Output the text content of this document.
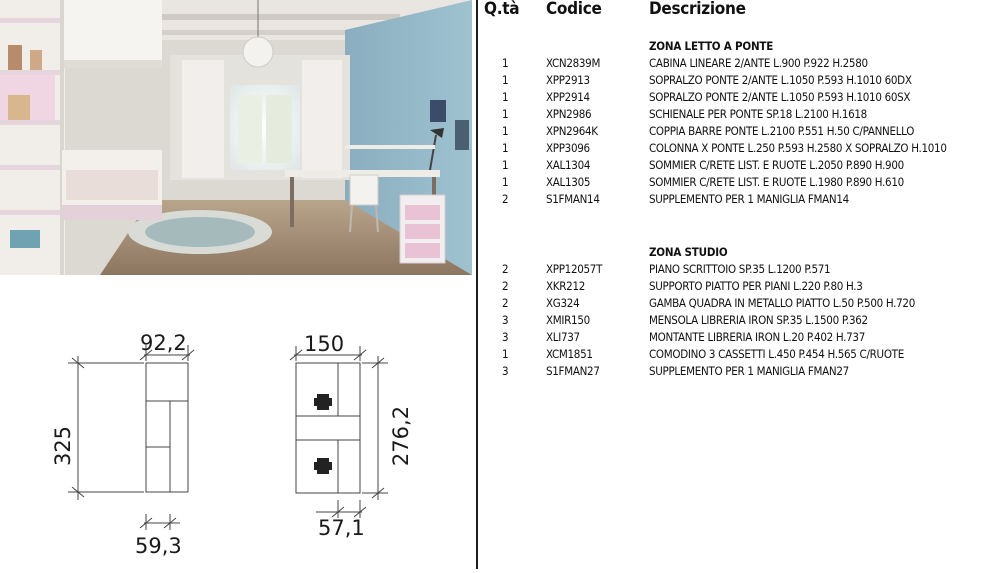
92,2
325
59,3
150
276,2
57,1
Q.tà Codice	Descrizione
ZONA LETTO A PONTE
1	XCN2839M	CABINA LINEARE 2/ANTE L.900 P.922 H.2580
1	XPP2913	SOPRALZO PONTE 2/ANTE L.1050 P.593 H.1010 60DX
1	XPP2914	SOPRALZO PONTE 2/ANTE L.1050 P.593 H.1010 60SX
1	XPN2986	SCHIENALE PER PONTE SP.18 L.2100 H.1618
1	XPN2964K	COPPIA BARRE PONTE L.2100 P.551 H.50 C/PANNELLO
1	XPP3096	COLONNA X PONTE L.250 P.593 H.2580 X SOPRALZO H.1010
1	XAL1304	SOMMIER C/RETE LIST. E RUOTE L.2050 P.890 H.900
1	XAL1305	SOMMIER C/RETE LIST. E RUOTE L.1980 P.890 H.610
2	S1FMAN14	SUPPLEMENTO PER 1 MANIGLIA FMAN14
ZONA STUDIO
2	XPP12057T	PIANO SCRITTOIO SP.35 L.1200 P.571
2	XKR212	SUPPORTO PIATTO PER PIANI L.220 P.80 H.3
2	XG324	GAMBA QUADRA IN METALLO PIATTO L.50 P.500 H.720
3	XMIR150	MENSOLA LIBRERIA IRON SP.35 L.1500 P.362
3	XLI737	MONTANTE LIBRERIA IRON L.20 P.402 H.737
1	XCM1851	COMODINO 3 CASSETTI L.450 P.454 H.565 C/RUOTE
3	S1FMAN27	SUPPLEMENTO PER 1 MANIGLIA FMAN27
